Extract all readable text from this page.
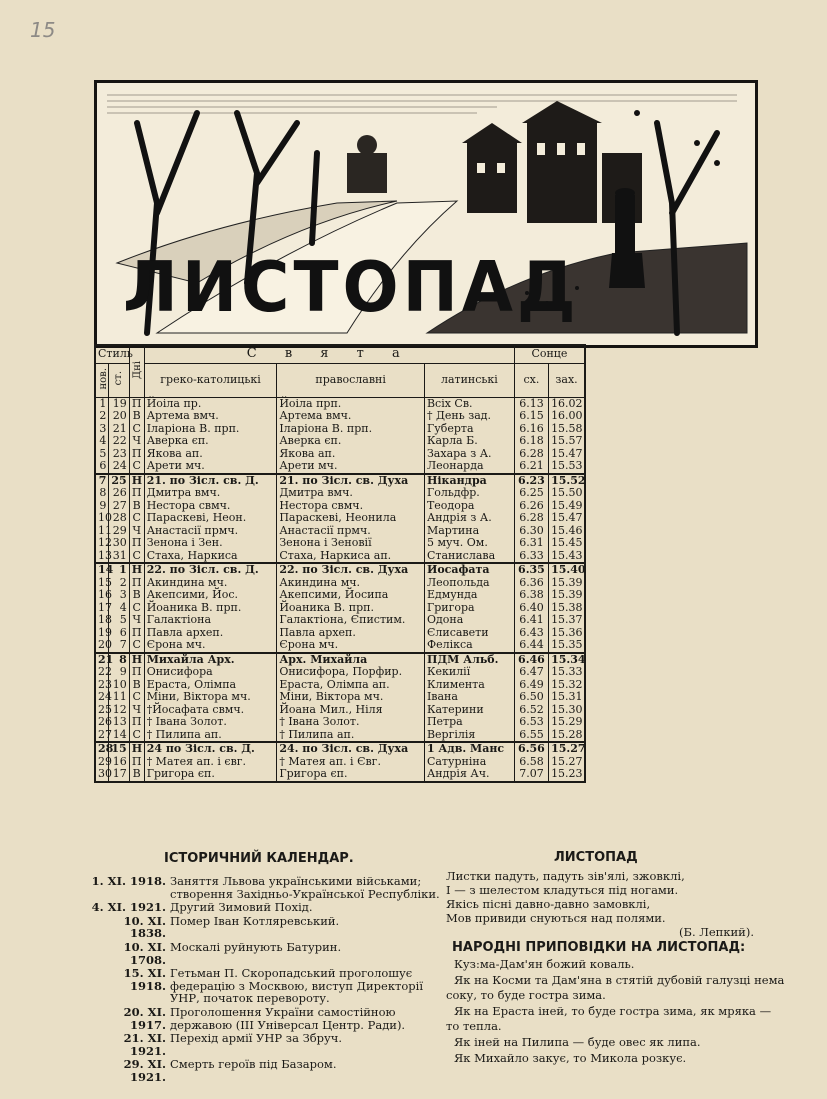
15
ЛИСТОПАД
Стиль		Дні	С в я т а			Сонце	
нов.	ст.		греко-католицькі	православні	латинські	сх.	зах.
1	19	П	Йоіла пр.	Йоіла прп.	Всіх Св.	6.13	16.02
2	20	В	Артема вмч.	Артема вмч.	† День зад.	6.15	16.00
3	21	С	Іларіона В. прп.	Іларіона В. прп.	Губерта	6.16	15.58
4	22	Ч	Аверка єп.	Аверка єп.	Карла Б.	6.18	15.57
5	23	П	Якова ап.	Якова ап.	Захара з А.	6.28	15.47
6	24	С	Арети мч.	Арети мч.	Леонарда	6.21	15.53
7	25	Н	21. по Зісл. св. Д.	21. по Зісл. св. Духа	Нікандра	6.23	15.52
8	26	П	Дмитра вмч.	Дмитра вмч.	Гольдфр.	6.25	15.50
9	27	В	Нестора свмч.	Нестора свмч.	Теодора	6.26	15.49
10	28	С	Параскеві, Неон.	Параскеві, Неонила	Андрія з А.	6.28	15.47
11	29	Ч	Анастасії прмч.	Анастасії прмч.	Мартина	6.30	15.46
12	30	П	Зенона і Зен.	Зенона і Зеновії	5 муч. Ом.	6.31	15.45
13	31	С	Стаха, Наркиса	Стаха, Наркиса ап.	Станислава	6.33	15.43
14	1	Н	22. по Зісл. св. Д.	22. по Зісл. св. Духа	Йосафата	6.35	15.40
15	2	П	Акиндина мч.	Акиндина мч.	Леопольда	6.36	15.39
16	3	В	Акепсими, Йос.	Акепсими, Йосипа	Едмунда	6.38	15.39
17	4	С	Йоаника В. прп.	Йоаника В. прп.	Григора	6.40	15.38
18	5	Ч	Галактіона	Галактіона, Єпистим.	Одона	6.41	15.37
19	6	П	Павла археп.	Павла археп.	Єлисавети	6.43	15.36
20	7	С	Єрона мч.	Єрона мч.	Фелікса	6.44	15.35
21	8	Н	Михайла Арх.	Арх. Михайла	ПДМ Альб.	6.46	15.34
22	9	П	Онисифора	Онисифора, Порфир.	Кекилії	6.47	15.33
23	10	В	Ераста, Олімпа	Ераста, Олімпа ап.	Климента	6.49	15.32
24	11	С	Міни, Віктора мч.	Міни, Віктора мч.	Івана	6.50	15.31
25	12	Ч	†Йосафата свмч.	Йоана Мил., Ніля	Катерини	6.52	15.30
26	13	П	† Івана Золот.	† Івана Золот.	Петра	6.53	15.29
27	14	С	† Пилипа ап.	† Пилипа ап.	Вергілія	6.55	15.28
28	15	Н	24 по Зісл. св. Д.	24. по Зісл. св. Духа	1 Адв. Манс	6.56	15.27
29	16	П	† Матея ап. і євг.	† Матея ап. і Євг.	Сатурніна	6.58	15.27
30	17	В	Григора єп.	Григора єп.	Андрія Ач.	7.07	15.23
ІСТОРИЧНИЙ КАЛЕНДАР.
1. XI. 1918. Заняття Львова українськими військами; створення Західньо-Української Республіки.
4. XI. 1921. Другий Зимовий Похід.
10. XI. 1838.
Помер Іван Котляревський.
10. XI. 1708.
Москалі руйнують Батурин.
15. XI. 1918.
Гетьман П. Скоропадський проголошує федерацію з Москвою, виступ Директорії УНР, початок перевороту.
20. XI. 1917.
Проголошення України самостійною державою (III Універсал Центр. Ради).
21. XI. 1921.
Перехід армії УНР за Збруч.
29. XI. 1921.
Смерть героїв під Базаром.
ЛИСТОПАД
Листки падуть, падуть зів'ялі, зжовклі,
І — з шелестом кладуться під ногами.
Якісь пісні давно-давно замовклі,
Мов привиди снуються над полями.
(Б. Лепкий).
НАРОДНІ ПРИПОВІДКИ НА ЛИСТОПАД:
Куз:ма-Дам'ян божий коваль.
Як на Косми та Дам'яна в стятій дубовій галузці нема соку, то буде гостра зима.
Як на Ераста іней, то буде гостра зима, як мряка — то тепла.
Як іней на Пилипа — буде овес як липа.
Як Михайло закує, то Микола розкує.
